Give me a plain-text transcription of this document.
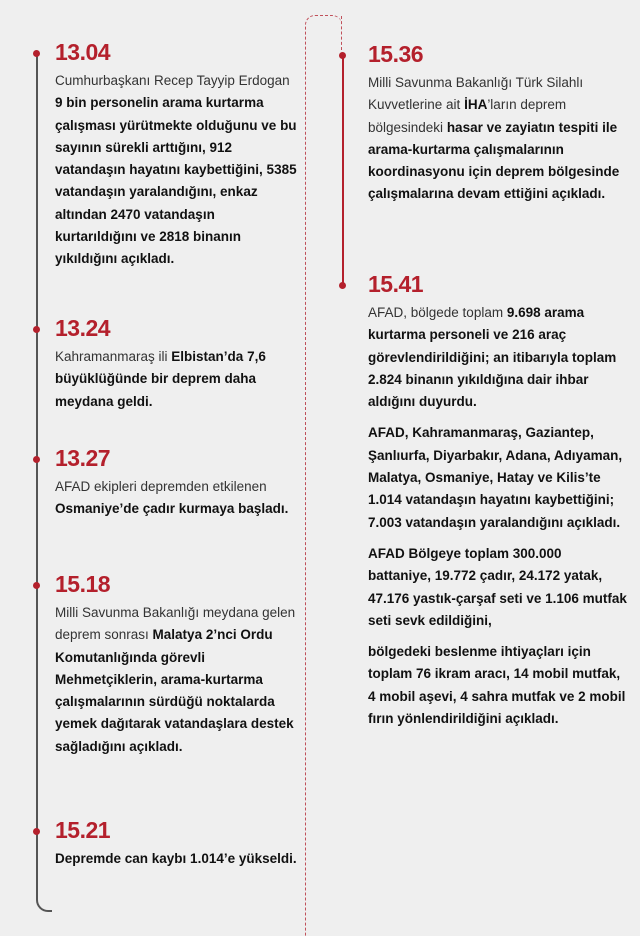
13.04
Cumhurbaşkanı Recep Tayyip Erdogan 9 bin personelin arama kurtarma çalışması yürütmekte olduğunu ve bu sayının sürekli arttığını, 912 vatandaşın hayatını kaybettiğini, 5385 vatandaşın yaralandığını, enkaz altından 2470 vatandaşın kurtarıldığını ve 2818 binanın yıkıldığını açıkladı.
13.24
Kahramanmaraş ili Elbistan’da 7,6 büyüklüğünde bir deprem daha meydana geldi.
13.27
AFAD ekipleri depremden etkilenen Osmaniye’de çadır kurmaya başladı.
15.18
Milli Savunma Bakanlığı meydana gelen deprem sonrası Malatya 2’nci Ordu Komutanlığında görevli Mehmetçiklerin, arama-kurtarma çalışmalarının sürdüğü noktalarda yemek dağıtarak vatandaşlara destek sağladığını açıkladı.
15.21
Depremde can kaybı 1.014’e yükseldi.
15.36
Milli Savunma Bakanlığı Türk Silahlı Kuvvetlerine ait İHA’ların deprem bölgesindeki hasar ve zayiatın tespiti ile arama-kurtarma çalışmalarının koordinasyonu için deprem bölgesinde çalışmalarına devam ettiğini açıkladı.
15.41
AFAD, bölgede toplam 9.698 arama kurtarma personeli ve 216 araç görevlendirildiğini; an itibarıyla toplam 2.824 binanın yıkıldığına dair ihbar aldığını duyurdu.
AFAD, Kahramanmaraş, Gaziantep, Şanlıurfa, Diyarbakır, Adana, Adıyaman, Malatya, Osmaniye, Hatay ve Kilis’te 1.014 vatandaşın hayatını kaybettiğini; 7.003 vatandaşın yaralandığını açıkladı.
AFAD Bölgeye toplam 300.000 battaniye, 19.772 çadır, 24.172 yatak, 47.176 yastık-çarşaf seti ve 1.106 mutfak seti sevk edildiğini,
bölgedeki beslenme ihtiyaçları için toplam 76 ikram aracı, 14 mobil mutfak, 4 mobil aşevi, 4 sahra mutfak ve 2 mobil fırın yönlendirildiğini açıkladı.
